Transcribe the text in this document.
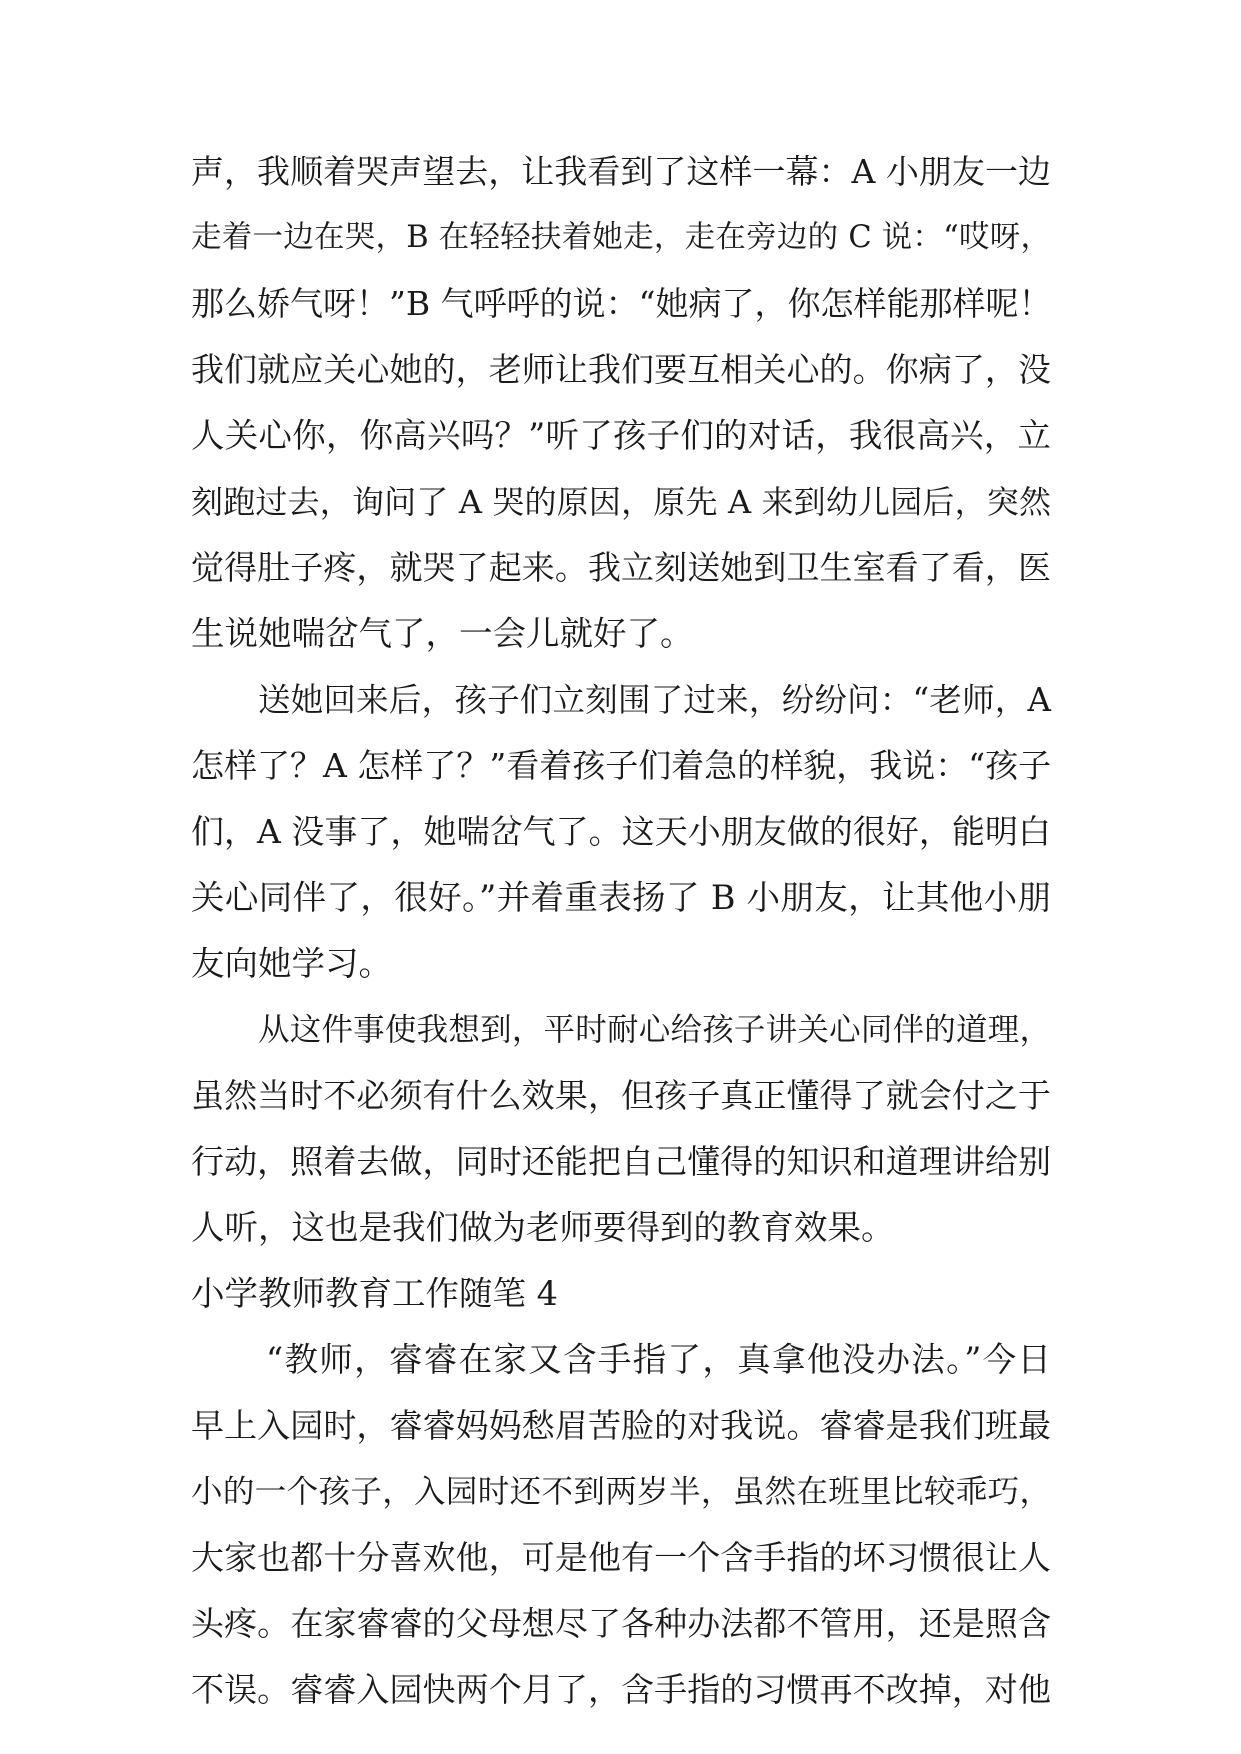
声，我顺着哭声望去，让我看到了这样一幕：A 小朋友一边

走着一边在哭，B 在轻轻扶着她走，走在旁边的 C 说：“哎呀，

那么娇气呀！”B 气呼呼的说：“她病了，你怎样能那样呢！

我们就应关心她的，老师让我们要互相关心的。你病了，没

人关心你，你高兴吗？”听了孩子们的对话，我很高兴，立

刻跑过去，询问了 A 哭的原因，原先 A 来到幼儿园后，突然

觉得肚子疼，就哭了起来。我立刻送她到卫生室看了看，医

生说她喘岔气了，一会儿就好了。

送她回来后，孩子们立刻围了过来，纷纷问：“老师，A

怎样了？A 怎样了？”看着孩子们着急的样貌，我说：“孩子

们，A 没事了，她喘岔气了。这天小朋友做的很好，能明白

关心同伴了，很好。”并着重表扬了 B 小朋友，让其他小朋

友向她学习。

从这件事使我想到，平时耐心给孩子讲关心同伴的道理，

虽然当时不必须有什么效果，但孩子真正懂得了就会付之于

行动，照着去做，同时还能把自己懂得的知识和道理讲给别

人听，这也是我们做为老师要得到的教育效果。

小学教师教育工作随笔 4

“教师，睿睿在家又含手指了，真拿他没办法。”今日

早上入园时，睿睿妈妈愁眉苦脸的对我说。睿睿是我们班最

小的一个孩子，入园时还不到两岁半，虽然在班里比较乖巧，

大家也都十分喜欢他，可是他有一个含手指的坏习惯很让人

头疼。在家睿睿的父母想尽了各种办法都不管用，还是照含

不误。睿睿入园快两个月了，含手指的习惯再不改掉，对他
